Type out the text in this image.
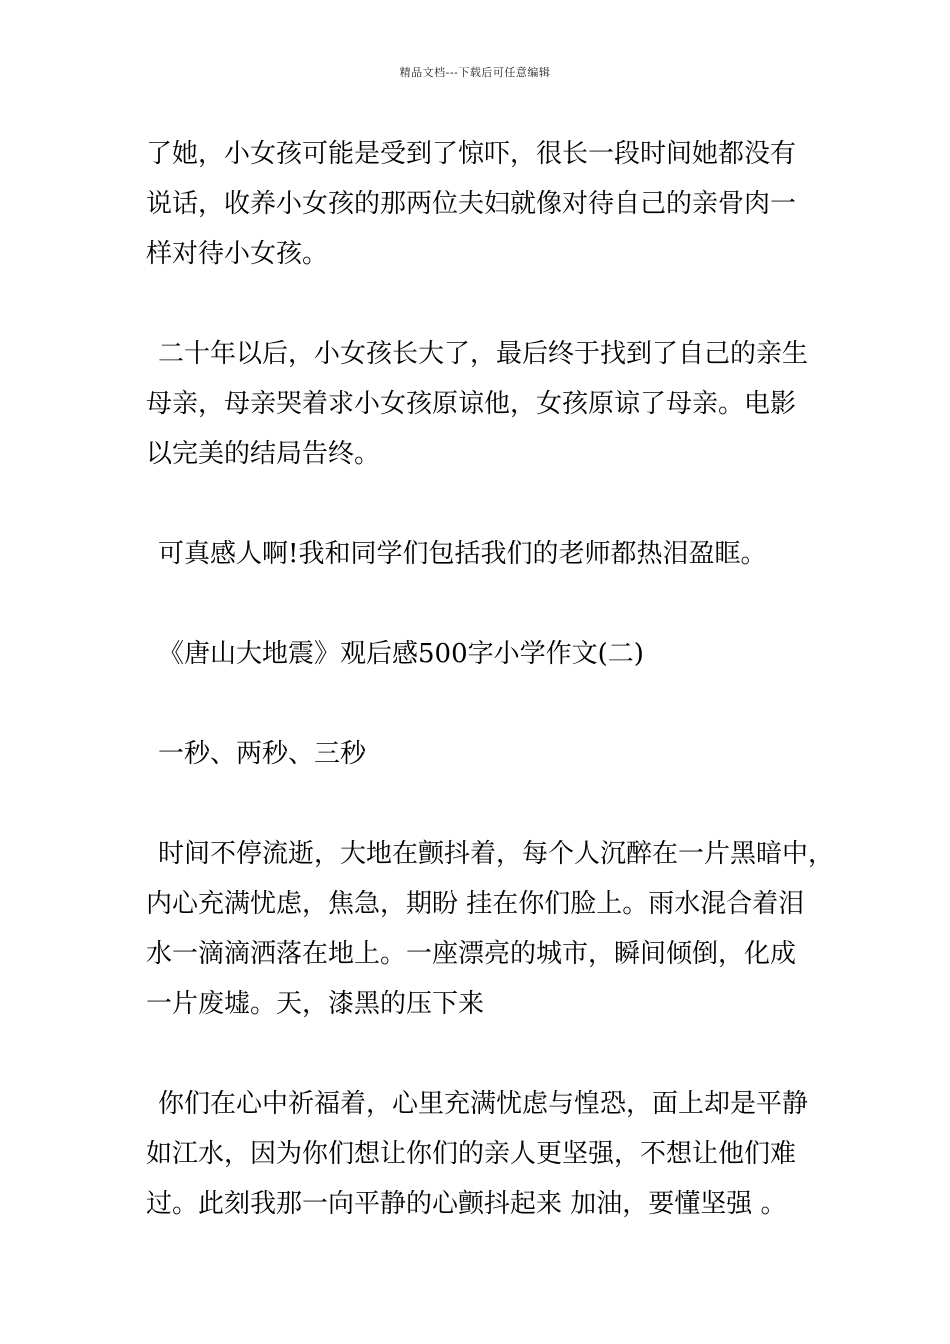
精品文档---下载后可任意编辑

了她，小女孩可能是受到了惊吓，很长一段时间她都没有
说话，收养小女孩的那两位夫妇就像对待自己的亲骨肉一
样对待小女孩。

二十年以后，小女孩长大了，最后终于找到了自己的亲生
母亲，母亲哭着求小女孩原谅他，女孩原谅了母亲。电影
以完美的结局告终。

可真感人啊!我和同学们包括我们的老师都热泪盈眶。

《唐山大地震》观后感500字小学作文(二)

一秒、两秒、三秒

时间不停流逝，大地在颤抖着，每个人沉醉在一片黑暗中，
内心充满忧虑，焦急，期盼 挂在你们脸上。雨水混合着泪
水一滴滴洒落在地上。一座漂亮的城市，瞬间倾倒，化成
一片废墟。天，漆黑的压下来

你们在心中祈福着，心里充满忧虑与惶恐，面上却是平静
如江水，因为你们想让你们的亲人更坚强，不想让他们难
过。此刻我那一向平静的心颤抖起来 加油，要懂坚强 。
